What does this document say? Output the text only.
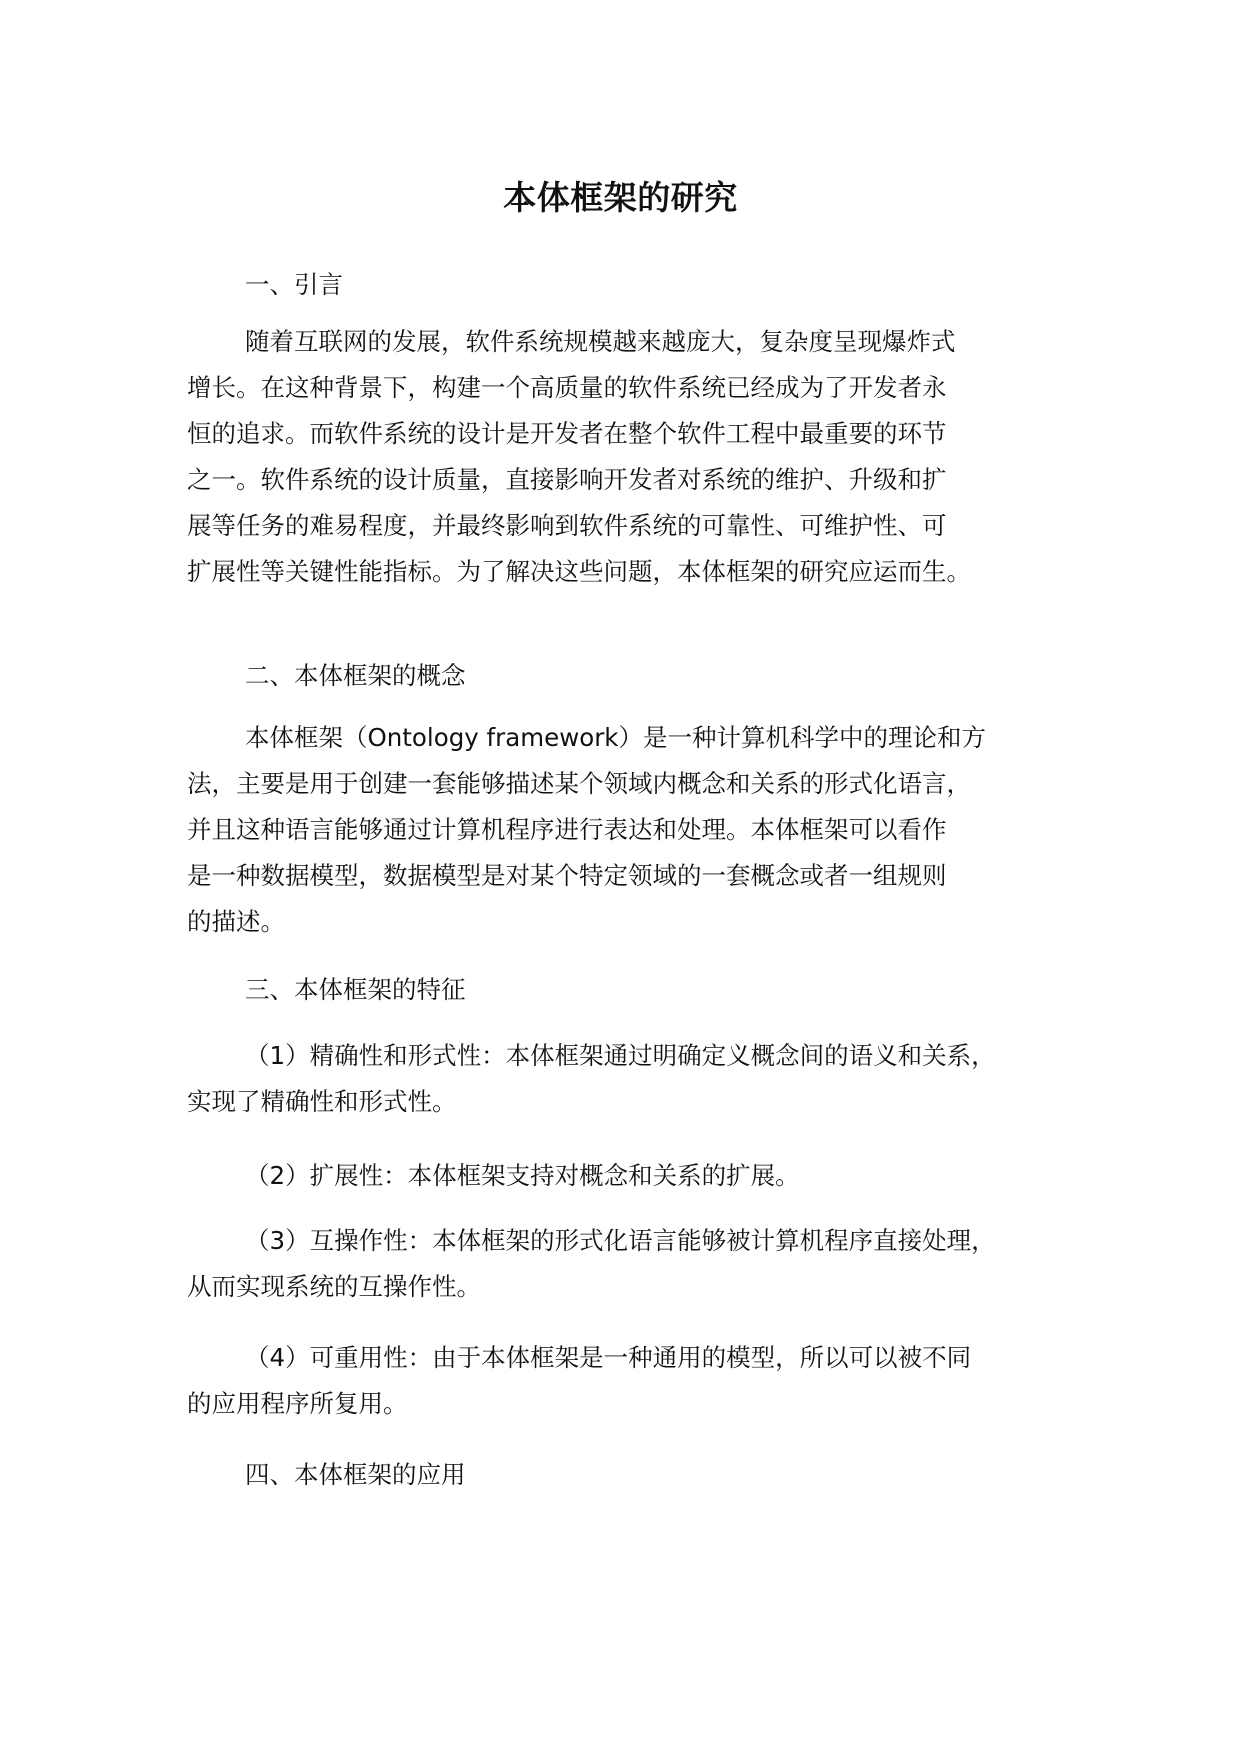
本体框架的研究
一、引言
随着互联网的发展，软件系统规模越来越庞大，复杂度呈现爆炸式
增长。在这种背景下，构建一个高质量的软件系统已经成为了开发者永
恒的追求。而软件系统的设计是开发者在整个软件工程中最重要的环节
之一。软件系统的设计质量，直接影响开发者对系统的维护、升级和扩
展等任务的难易程度，并最终影响到软件系统的可靠性、可维护性、可
扩展性等关键性能指标。为了解决这些问题，本体框架的研究应运而生。
二、本体框架的概念
本体框架（Ontology framework）是一种计算机科学中的理论和方
法，主要是用于创建一套能够描述某个领域内概念和关系的形式化语言，
并且这种语言能够通过计算机程序进行表达和处理。本体框架可以看作
是一种数据模型，数据模型是对某个特定领域的一套概念或者一组规则
的描述。
三、本体框架的特征
（1）精确性和形式性：本体框架通过明确定义概念间的语义和关系，
实现了精确性和形式性。
（2）扩展性：本体框架支持对概念和关系的扩展。
（3）互操作性：本体框架的形式化语言能够被计算机程序直接处理，
从而实现系统的互操作性。
（4）可重用性：由于本体框架是一种通用的模型，所以可以被不同
的应用程序所复用。
四、本体框架的应用
